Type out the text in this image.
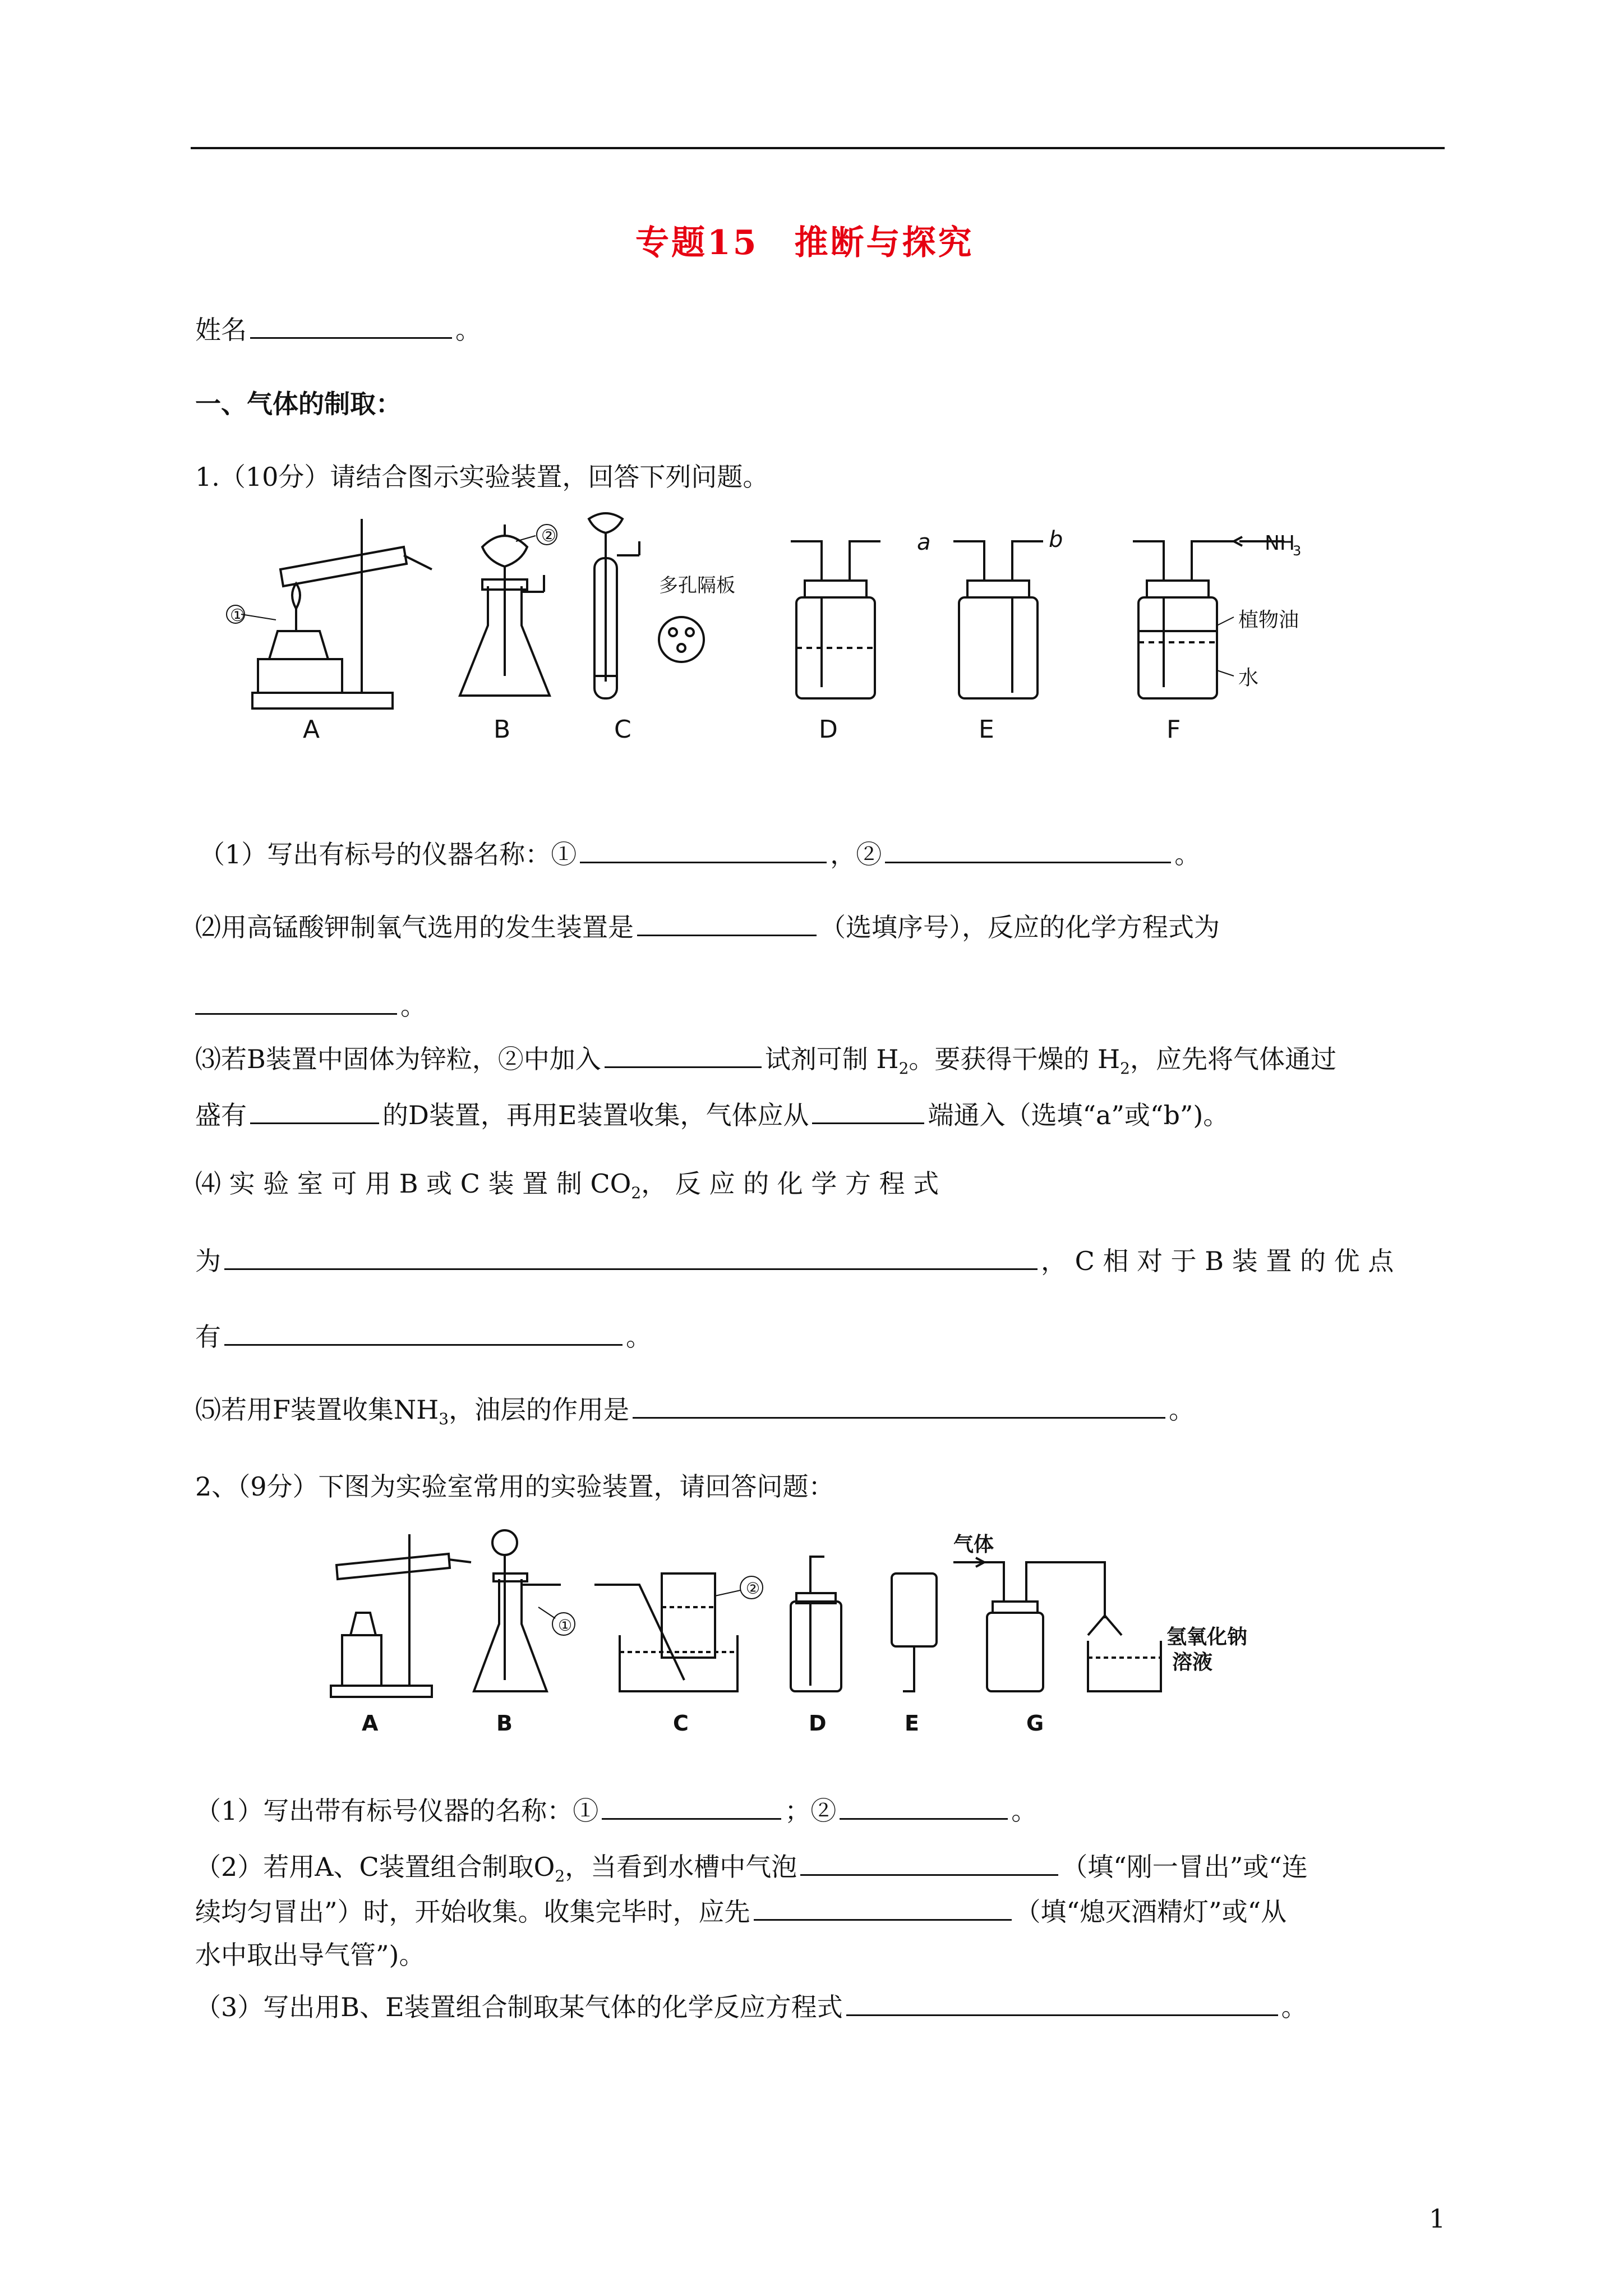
专题15　推断与探究
姓名	。
一、气体的制取：
1.（10分）请结合图示实验装置，回答下列问题。
①
②
多孔隔板
a	b	NH
3
植物油
水
A	B	C	D	E	F
（1）写出有标号的仪器名称：①	，②	。
⑵用高锰酸钾制氧气选用的发生装置是	（选填序号），反应的化学方程式为
。
⑶若B装置中固体为锌粒，②中加入	试剂可制 $H_2$。要获得干燥的 $H_2$，应先将气体通过
盛有	的D装置，再用E装置收集，气体应从	端通入（选填“a”或“b”)。
⑷ 实 验 室 可 用 B 或 C 装 置 制 $CO_2$， 反 应 的 化 学 方 程 式
为	， C 相 对 于 B 装 置 的 优 点
有	。
⑸若用F装置收集$NH_3$，油层的作用是	。
2、（9分）下图为实验室常用的实验装置，请回答问题：
①
②
气体
氢氧化钠
溶液
A	B	C	D	E	G
（1）写出带有标号仪器的名称：①	；②	。
（2）若用A、C装置组合制取$O_2$，当看到水槽中气泡	（填“刚一冒出”或“连
续均匀冒出”）时，开始收集。收集完毕时，应先	（填“熄灭酒精灯”或“从
水中取出导气管”)。
（3）写出用B、E装置组合制取某气体的化学反应方程式	。
1
